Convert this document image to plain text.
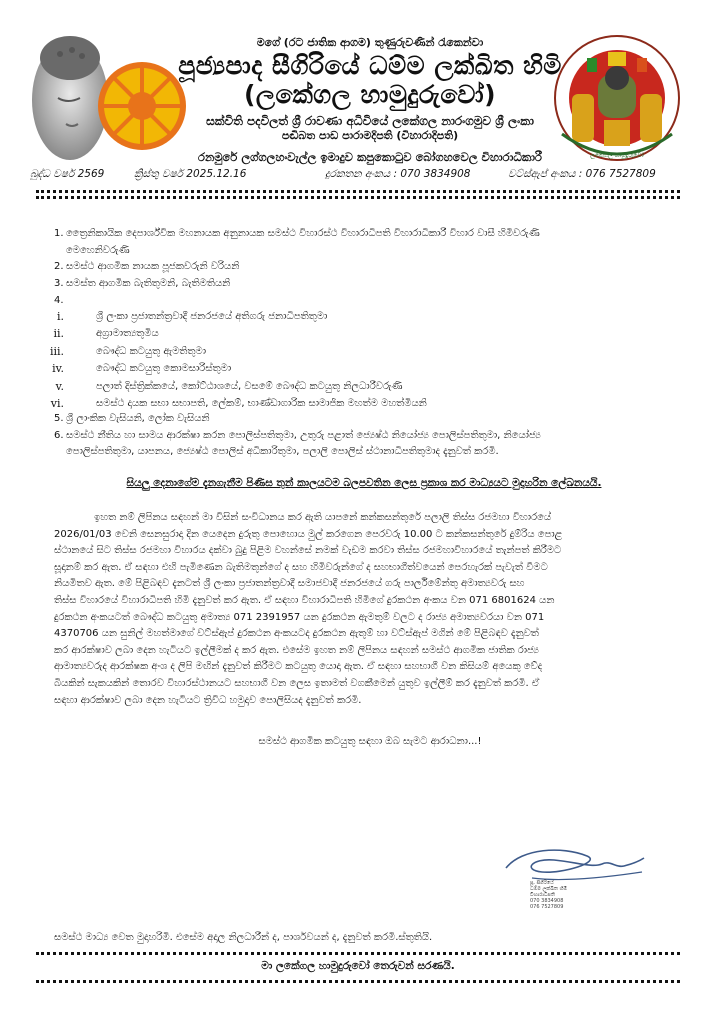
මගේ (රට ජාතික ආගම) තුණුරුවණින් රැකෙන්වා
පූජ්‍යපාද සීගිරියේ ධම්ම ලක්ඛිත හිමි
(ලකේගල හාමුදුරුවෝ)
සක්විති පදවිලත් ශ්‍රී රාවණා අධිවියේ ලකේගල නාරංගමුව ශ්‍රී ලංකා
පඬිබත පාඩ පාරාමදිපති (විහාරාදිපති)
ලකේගල හාමුදුරුවෝ
රනමුරේ ලග්ගලහංවැල්ල ඉමාදුව කපුකොටුව බෝගහවෙල විහාරාධිකාරී
බුද්ධ වර්ෂ 2569	ක්‍රිස්තු වර්ෂ 2025.12.16	දුරකතන අංකය : 070 3834908	වට්ස්ඇප් අංකය : 076 7527809
1. ත්‍රෛනිකායික දෙපාර්ශ්වික මහනායක අනුනායක සමස්ථ විහාරස්ථ විහාරාධිපති විහාරාධිකාරී විහාර වාසී හිමිවරුණි
මෙහෙනිවරුණි
2. සමස්ථ ආගමික නායක පූජකවරුනි වරියනි
3. සමස්ත ආගමික බැතිතුමනි, බැතිමතියනි
4.
i.	ශ්‍රී ලංකා ප්‍රජාතන්ත්‍රවාදී ජනරජයේ අතිගරු ජනාධිපතිතුමා
ii.	අග්‍රාමාත්‍යතුමිය
iii.	බෞද්ධ කටයුතු ඇමතිතුමා
iv.	බෞද්ධ කටයුතු කොමසාරිස්තුමා
v.	පලාත් දිස්ත්‍රික්කයේ, කෝට්ඨාශයේ, වසමේ බෞද්ධ කටයුතු නිලධාරීවරුණි
vi.	සමස්ථ දායක සභා සභාපති, ලේකම්, භාණ්ඩාගාරික සාමාජික මහත්ම මහත්මියනි
5. ශ්‍රී ලාංකික වැසියනි, ලෝක වැසියනි
6. සමස්ථ නීතිය හා සාමය ආරක්ෂා කරන පොලිස්පතිතුමා, උතුරු පළාත් ජ්‍යෙෂ්ඨ නියෝජ්‍ය පොලිස්පතිතුමා, නියෝජ්‍ය
පොලිස්පතිතුමා, යාපනය, ජ්‍යෙෂ්ඨ පොලිස් අධිකාරිතුමා, පලාලි පොලිස් ස්ථානාධිපතිතුමාද දැනුවත් කරමි.
සියලු දෙනාගේම දැනගැනීම පිණිස තුන් කාලයටම බලපවතින ලෙස ප්‍රකාශ කර මාධ්‍යයට මුදාහරින ලේඛනයයි.
ඉහත නම් ලිපිනය සඳහන් මා විසින් සංවිධානය කර ඇති යාපනේ කන්කසන්තුරේ පලාලි තිස්ස රජමහා විහාරයේ
2026/01/03 වෙනි සෙනසුරාදා දින යෙදෙන දුරුතු පොහොය මුල් කරගෙන පෙරවරු 10.00 ට කන්කසන්තුරේ දුම්රිය පොළ
ස්ථානයේ සිට තිස්ස රජමහා විහාරය දක්වා බුදු පිළිම වහන්සේ නමක් වැඩම කරවා තිස්ස රජමහාවිහාරයේ තැන්පත් කිරීමට
සූදානම් කර ඇත. ඒ සඳහා එහි පැමිණෙන බැතිමතුන්ගේ ද සහ හිමිවරුන්ගේ ද සහභාගීත්වයෙන් පෙරහැරක් පැවැත් වීමට
නියමිතව ඇත. මේ පිළිබඳව දැනටත් ශ්‍රී ලංකා ප්‍රජාතන්ත්‍රවාදී සමාජවාදී ජනරජයේ ගරු පාර්ලිමේන්තු අමාත්‍යවරු සහ
තිස්ස විහාරයේ විහාරාධිපති හිමි දැනුවත් කර ඇත. ඒ සඳහා විහාරාධිපති හිමිගේ දුරකථන අංකය වන 071 6801624 යන
දුරකථන අංකයටත් බෞද්ධ කටයුතු අමාත්‍ය 071 2391957 යන දුරකථන ඇමතුම් වලට ද රාජ්‍ය අමාත්‍යවරයා වන 071
4370706 යන සුනිල් මහත්මාගේ වට්ස්ඇප් දුරකථන අංකයටද දුරකථන ඇතුම් හා වට්ස්ඇප් මගින් මේ පිළිබඳව දැනුවත්
කර ආරක්ෂාව ලබා දෙන හැටියට ඉල්ලීමක් ද කර ඇත. එසේම ඉහත නම් ලිපිනය සඳහන් සමස්ථ ආගමික ජාතික රාජ්‍ය
ආමාත්‍යවරුද ආරක්ෂක අංශ ද ලිපි මඟින් දැනුවත් කිරීමට කටයුතු යොදා ඇත. ඒ සඳහා සහභාගී වන කිසියම් අයෙකු වේද
බියකින් සැකයකින් තොරව විහාරස්ථානයට සහභාගී වන ලෙස ඉතාමත් වගකීමෙන් යුතුව ඉල්ලීම් කර දැනුවත් කරමි. ඒ
සඳහා ආරක්ෂාව ලබා දෙන හැටියට ත්‍රිවිධ හමුදාව පොලිසියද දැනුවත් කරමි.
සමස්ථ ආගමික කටයුතු සඳහා ඔබ සැමට ආරාධනා...!
පූ. සීගිරියේ
ධම්ම ලක්ඛිත හිමි
විහාරාධිපති
070 3834908
076 7527809
සමස්ථ මාධ්‍ය වෙත මුදාහරිමි. එසේම අදාල නිලධාරීන් ද, පාර්ශවයන් ද, දැනුවත් කරමි.ස්තුතියි.
මා ලකේගල හාමුදුරුවෝ තෙරුවන් සරණයි.
